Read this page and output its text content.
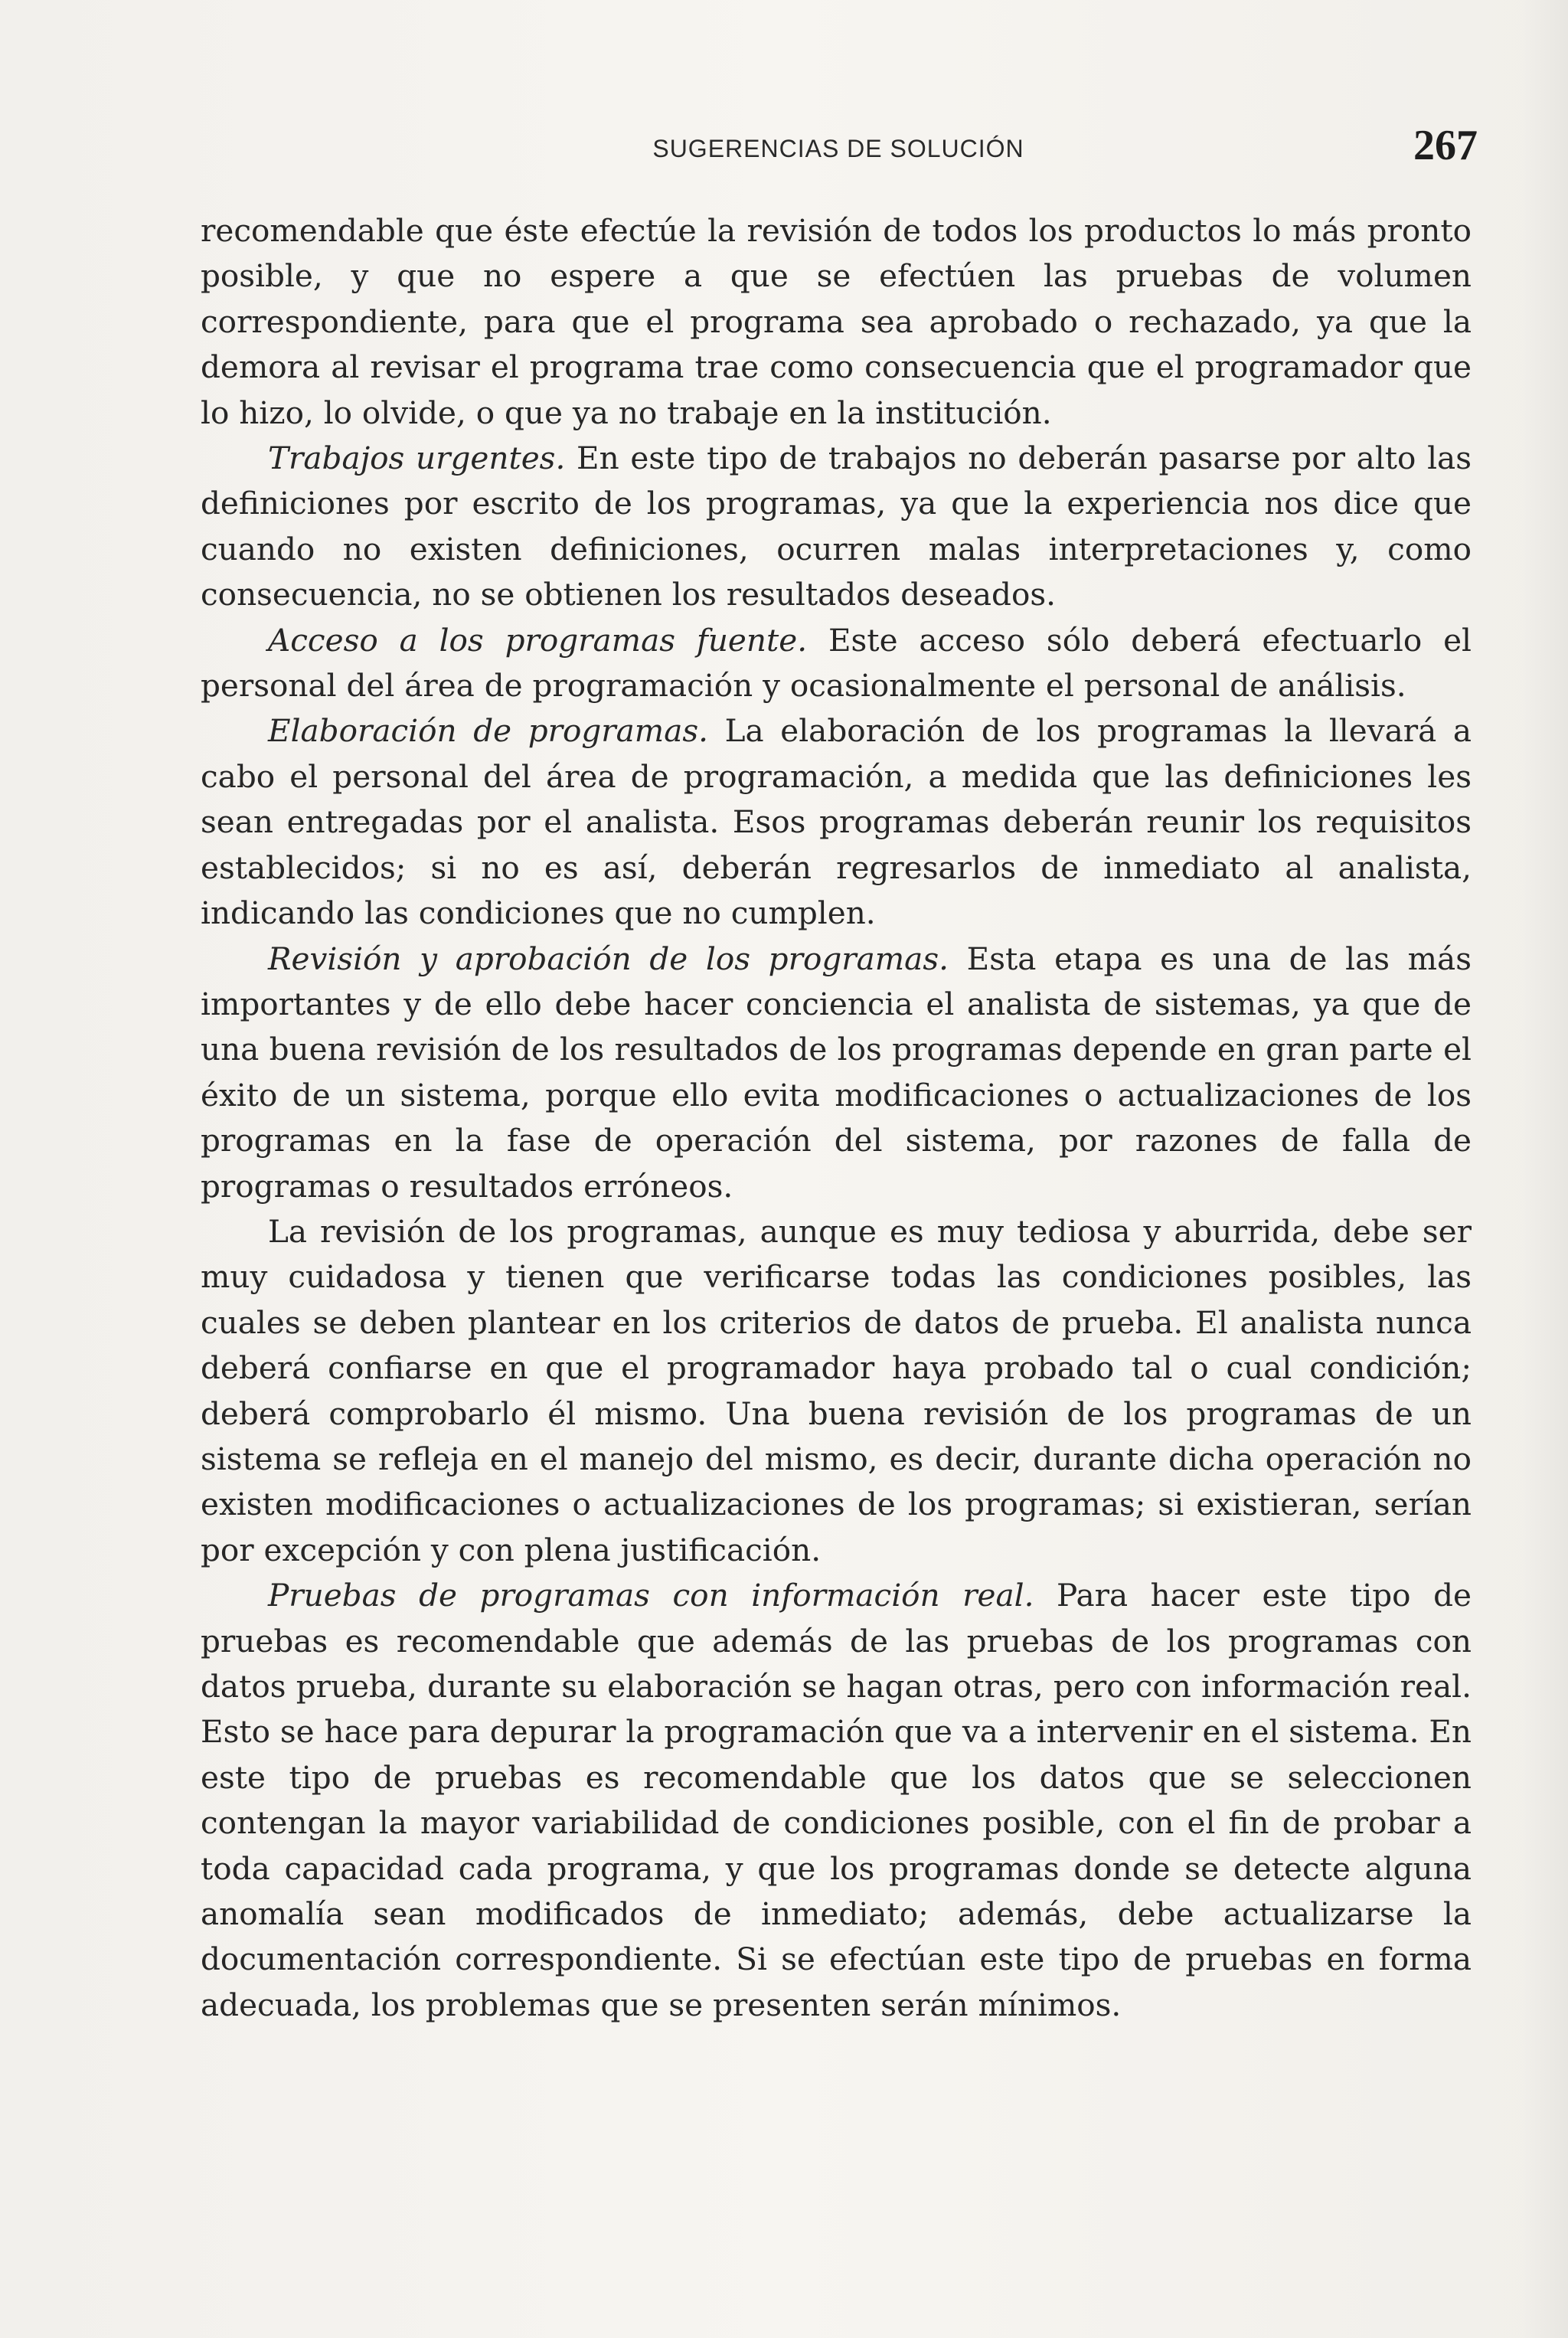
SUGERENCIAS DE SOLUCIÓN	267

recomendable que éste efectúe la revisión de todos los productos lo más pronto posible, y que no espere a que se efectúen las pruebas de volumen correspondiente, para que el programa sea aprobado o rechazado, ya que la demora al revisar el programa trae como consecuencia que el programador que lo hizo, lo olvide, o que ya no trabaje en la institución.

Trabajos urgentes. En este tipo de trabajos no deberán pasarse por alto las definiciones por escrito de los programas, ya que la experiencia nos dice que cuando no existen definiciones, ocurren malas interpretaciones y, como consecuencia, no se obtienen los resultados deseados.

Acceso a los programas fuente. Este acceso sólo deberá efectuarlo el personal del área de programación y ocasionalmente el personal de análisis.

Elaboración de programas. La elaboración de los programas la llevará a cabo el personal del área de programación, a medida que las definiciones les sean entregadas por el analista. Esos programas deberán reunir los requisitos establecidos; si no es así, deberán regresarlos de inmediato al analista, indicando las condiciones que no cumplen.

Revisión y aprobación de los programas. Esta etapa es una de las más importantes y de ello debe hacer conciencia el analista de sistemas, ya que de una buena revisión de los resultados de los programas depende en gran parte el éxito de un sistema, porque ello evita modificaciones o actualizaciones de los programas en la fase de operación del sistema, por razones de falla de programas o resultados erróneos.

La revisión de los programas, aunque es muy tediosa y aburrida, debe ser muy cuidadosa y tienen que verificarse todas las condiciones posibles, las cuales se deben plantear en los criterios de datos de prueba. El analista nunca deberá confiarse en que el programador haya probado tal o cual condición; deberá comprobarlo él mismo. Una buena revisión de los programas de un sistema se refleja en el manejo del mismo, es decir, durante dicha operación no existen modificaciones o actualizaciones de los programas; si existieran, serían por excepción y con plena justificación.

Pruebas de programas con información real. Para hacer este tipo de pruebas es recomendable que además de las pruebas de los programas con datos prueba, durante su elaboración se hagan otras, pero con información real. Esto se hace para depurar la programación que va a intervenir en el sistema. En este tipo de pruebas es recomendable que los datos que se seleccionen contengan la mayor variabilidad de condiciones posible, con el fin de probar a toda capacidad cada programa, y que los programas donde se detecte alguna anomalía sean modificados de inmediato; además, debe actualizarse la documentación correspondiente. Si se efectúan este tipo de pruebas en forma adecuada, los problemas que se presenten serán mínimos.
